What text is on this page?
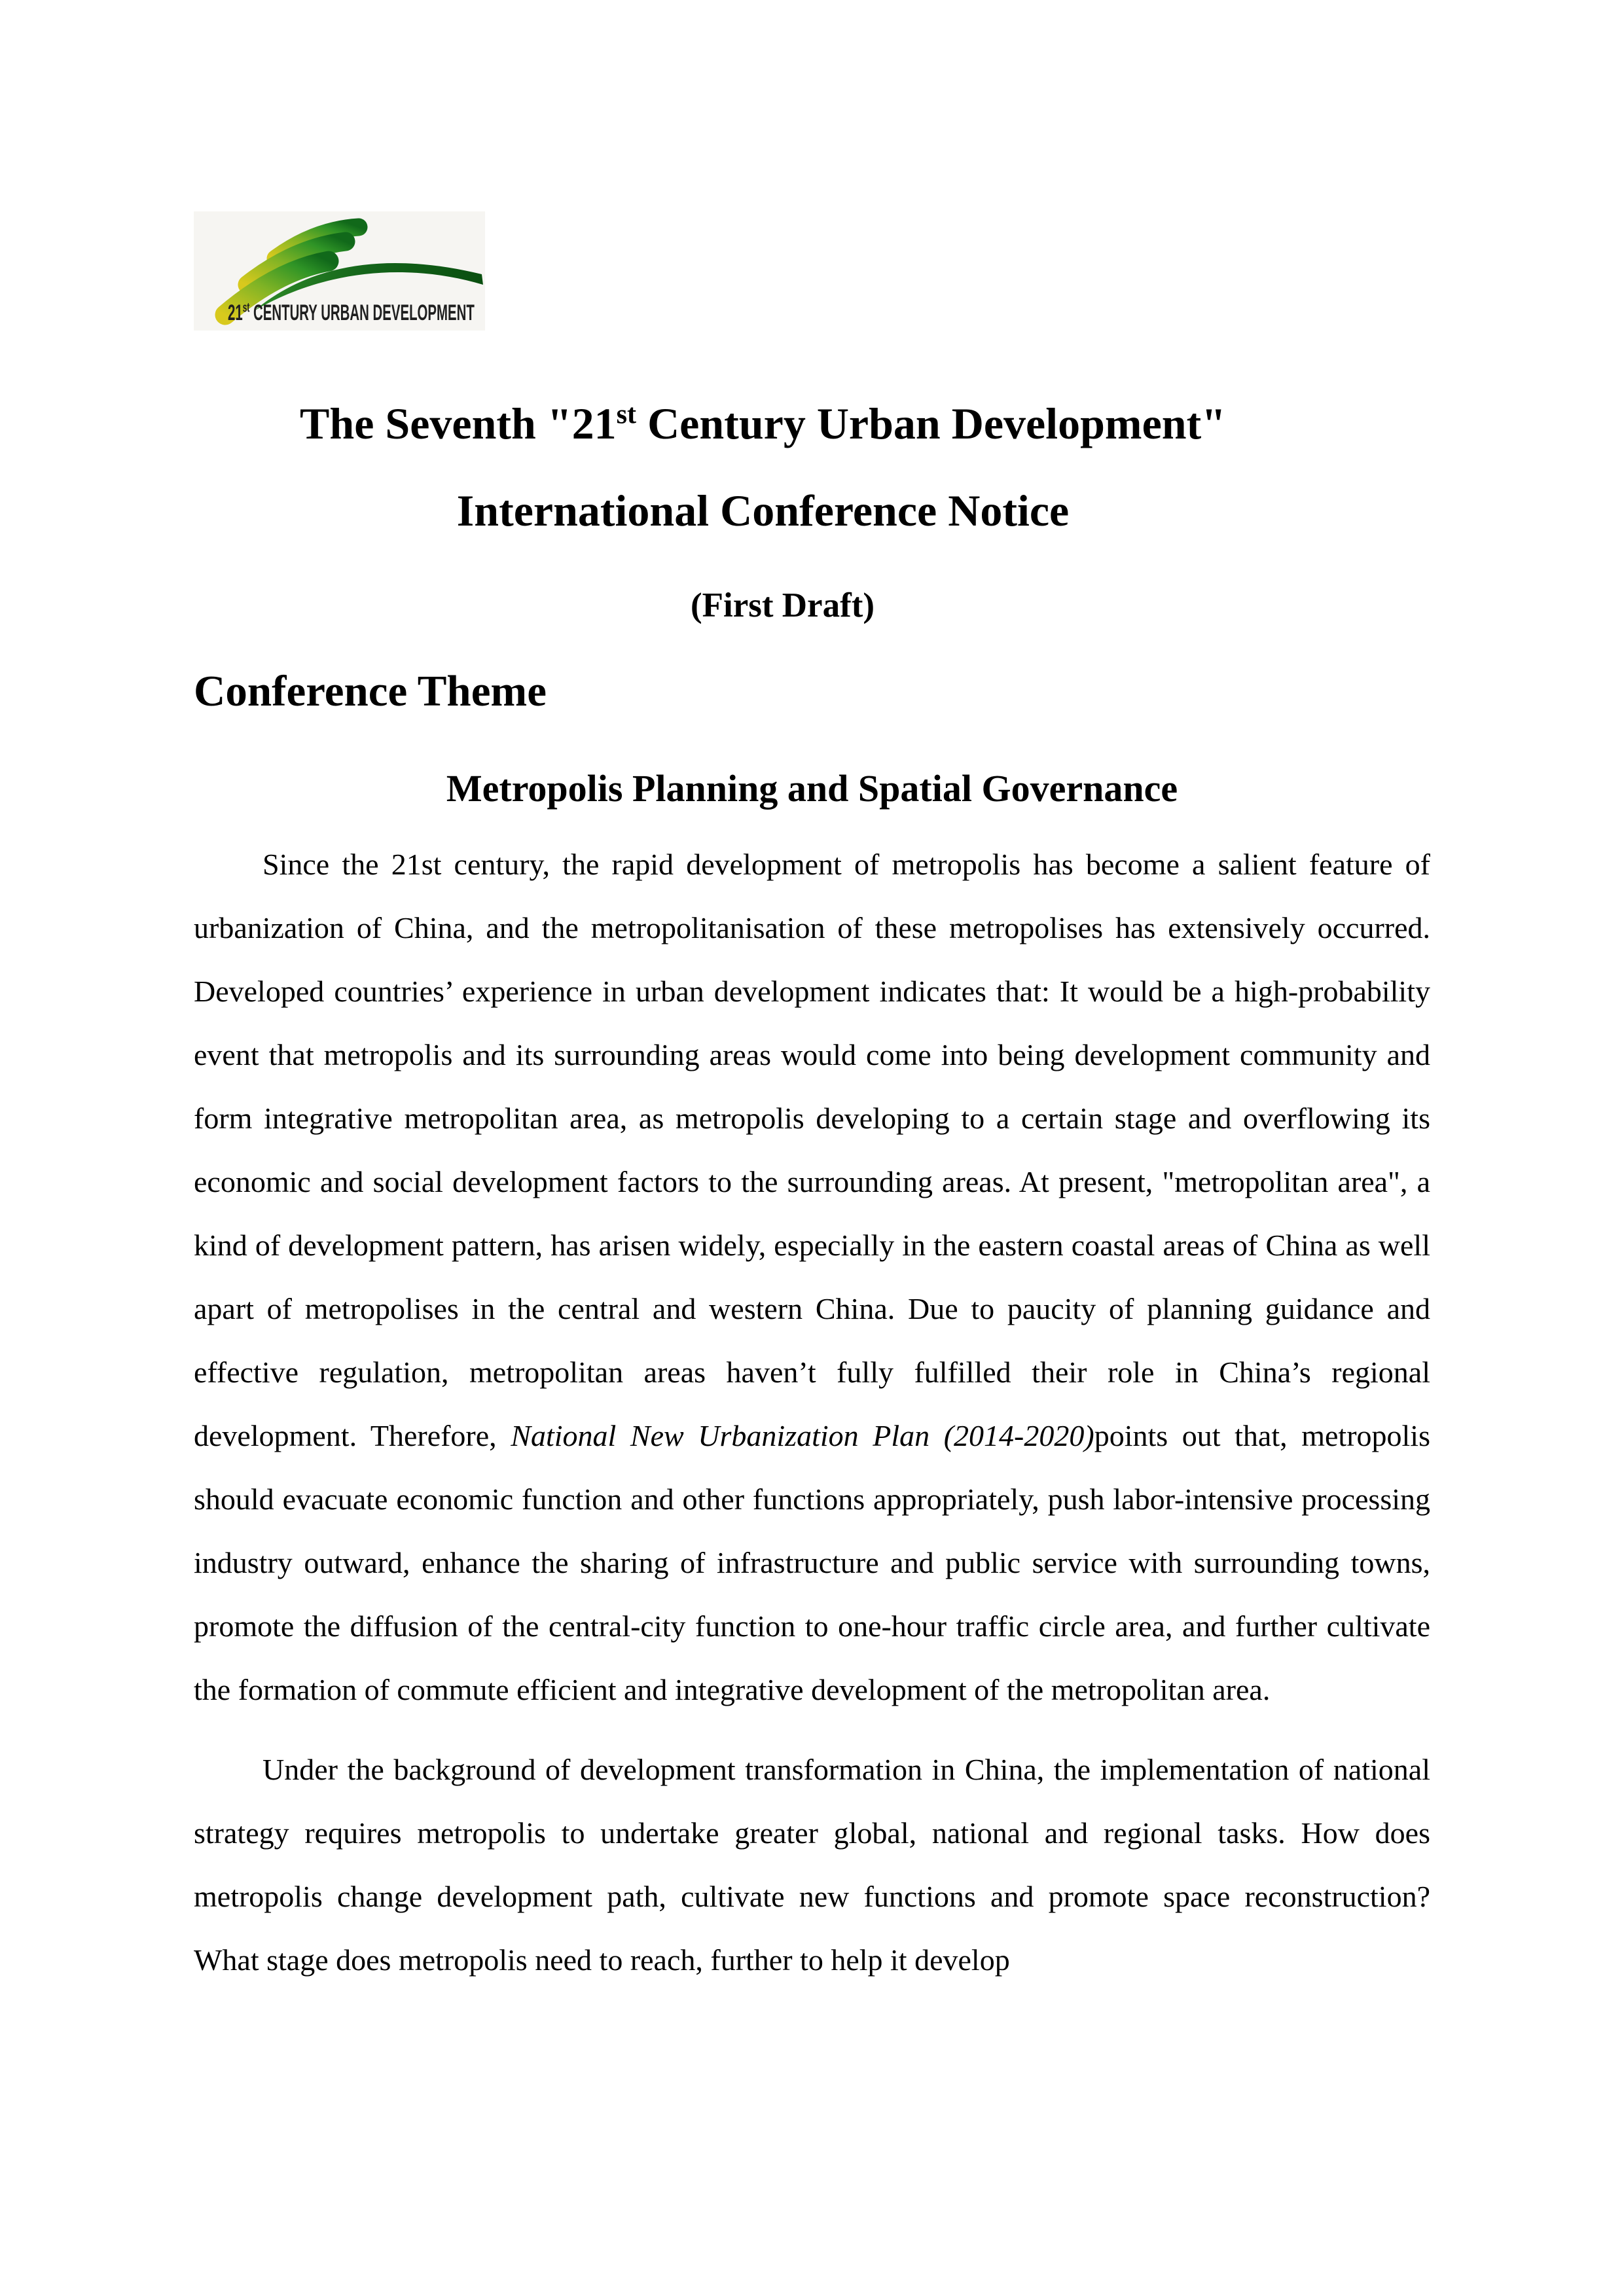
21st CENTURY URBAN DEVELOPMENT
The Seventh "21st Century Urban Development"
International Conference Notice

(First Draft)

Conference Theme
Metropolis Planning and Spatial Governance

Since the 21st century, the rapid development of metropolis has become a salient feature of urbanization of China, and the metropolitanisation of these metropolises has extensively occurred. Developed countries’ experience in urban development indicates that: It would be a high-probability event that metropolis and its surrounding areas would come into being development community and form integrative metropolitan area, as metropolis developing to a certain stage and overflowing its economic and social development factors to the surrounding areas. At present, "metropolitan area", a kind of development pattern, has arisen widely, especially in the eastern coastal areas of China as well apart of metropolises in the central and western China. Due to paucity of planning guidance and effective regulation, metropolitan areas haven’t fully fulfilled their role in China’s regional development. Therefore, National New Urbanization Plan (2014-2020)points out that, metropolis should evacuate economic function and other functions appropriately, push labor-intensive processing industry outward, enhance the sharing of infrastructure and public service with surrounding towns, promote the diffusion of the central-city function to one-hour traffic circle area, and further cultivate the formation of commute efficient and integrative development of the metropolitan area.

Under the background of development transformation in China, the implementation of national strategy requires metropolis to undertake greater global, national and regional tasks. How does metropolis change development path, cultivate new functions and promote space reconstruction? What stage does metropolis need to reach, further to help it develop
